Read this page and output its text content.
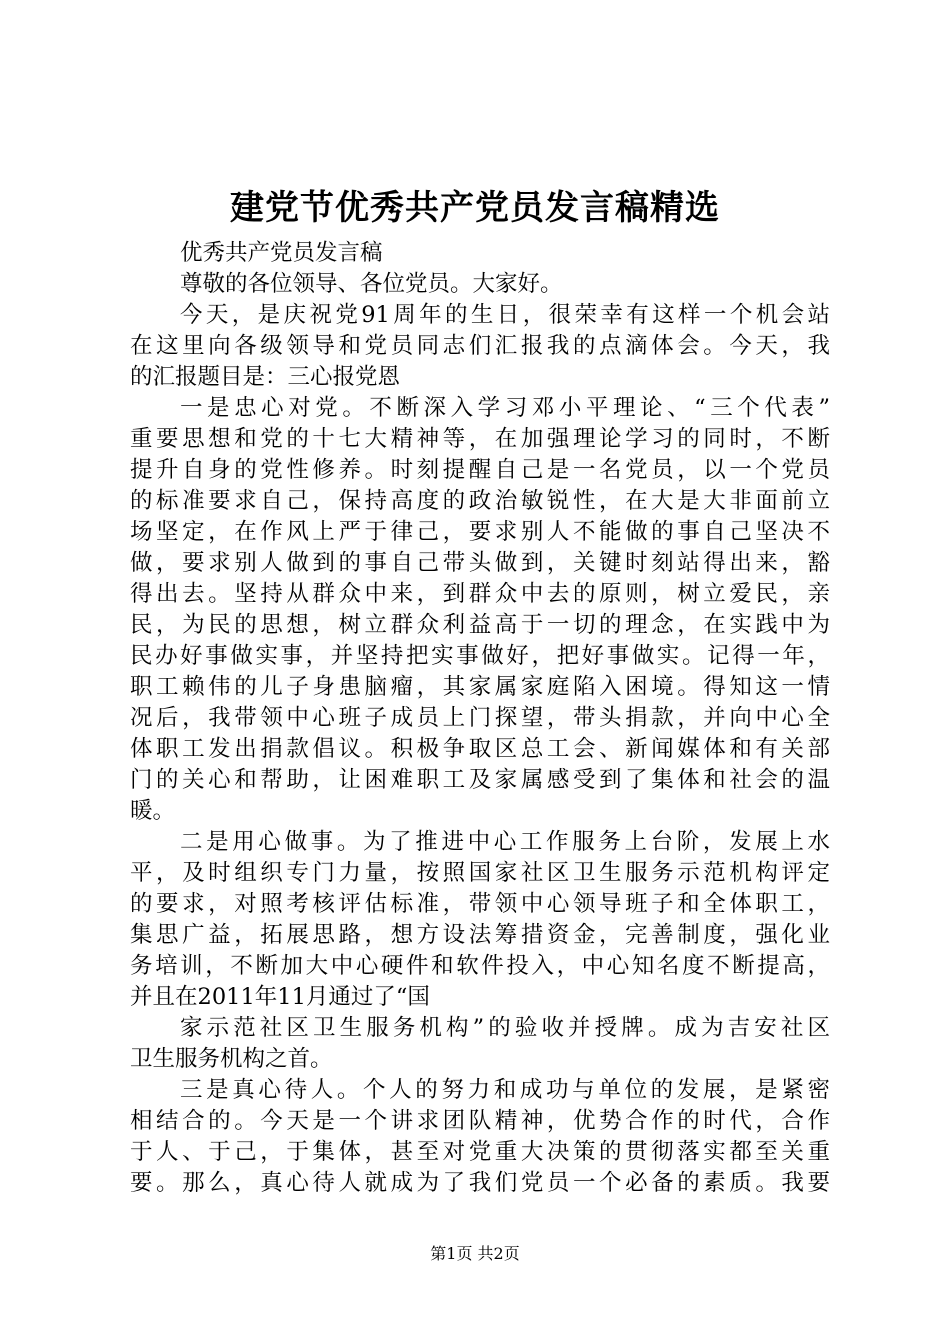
建党节优秀共产党员发言稿精选
优秀共产党员发言稿
尊敬的各位领导、各位党员。大家好。
今天，是庆祝党91周年的生日，很荣幸有这样一个机会站
在这里向各级领导和党员同志们汇报我的点滴体会。今天，我
的汇报题目是：三心报党恩
一是忠心对党。不断深入学习邓小平理论、“三个代表”
重要思想和党的十七大精神等，在加强理论学习的同时，不断
提升自身的党性修养。时刻提醒自己是一名党员，以一个党员
的标准要求自己，保持高度的政治敏锐性，在大是大非面前立
场坚定，在作风上严于律己，要求别人不能做的事自己坚决不
做，要求别人做到的事自己带头做到，关键时刻站得出来，豁
得出去。坚持从群众中来，到群众中去的原则，树立爱民，亲
民，为民的思想，树立群众利益高于一切的理念，在实践中为
民办好事做实事，并坚持把实事做好，把好事做实。记得一年，
职工赖伟的儿子身患脑瘤，其家属家庭陷入困境。得知这一情
况后，我带领中心班子成员上门探望，带头捐款，并向中心全
体职工发出捐款倡议。积极争取区总工会、新闻媒体和有关部
门的关心和帮助，让困难职工及家属感受到了集体和社会的温
暖。
二是用心做事。为了推进中心工作服务上台阶，发展上水
平，及时组织专门力量，按照国家社区卫生服务示范机构评定
的要求，对照考核评估标准，带领中心领导班子和全体职工，
集思广益，拓展思路，想方设法筹措资金，完善制度，强化业
务培训，不断加大中心硬件和软件投入，中心知名度不断提高，
并且在2011年11月通过了“国
家示范社区卫生服务机构”的验收并授牌。成为吉安社区
卫生服务机构之首。
三是真心待人。个人的努力和成功与单位的发展，是紧密
相结合的。今天是一个讲求团队精神，优势合作的时代，合作
于人、于己，于集体，甚至对党重大决策的贯彻落实都至关重
要。那么，真心待人就成为了我们党员一个必备的素质。我要
第1页 共2页
